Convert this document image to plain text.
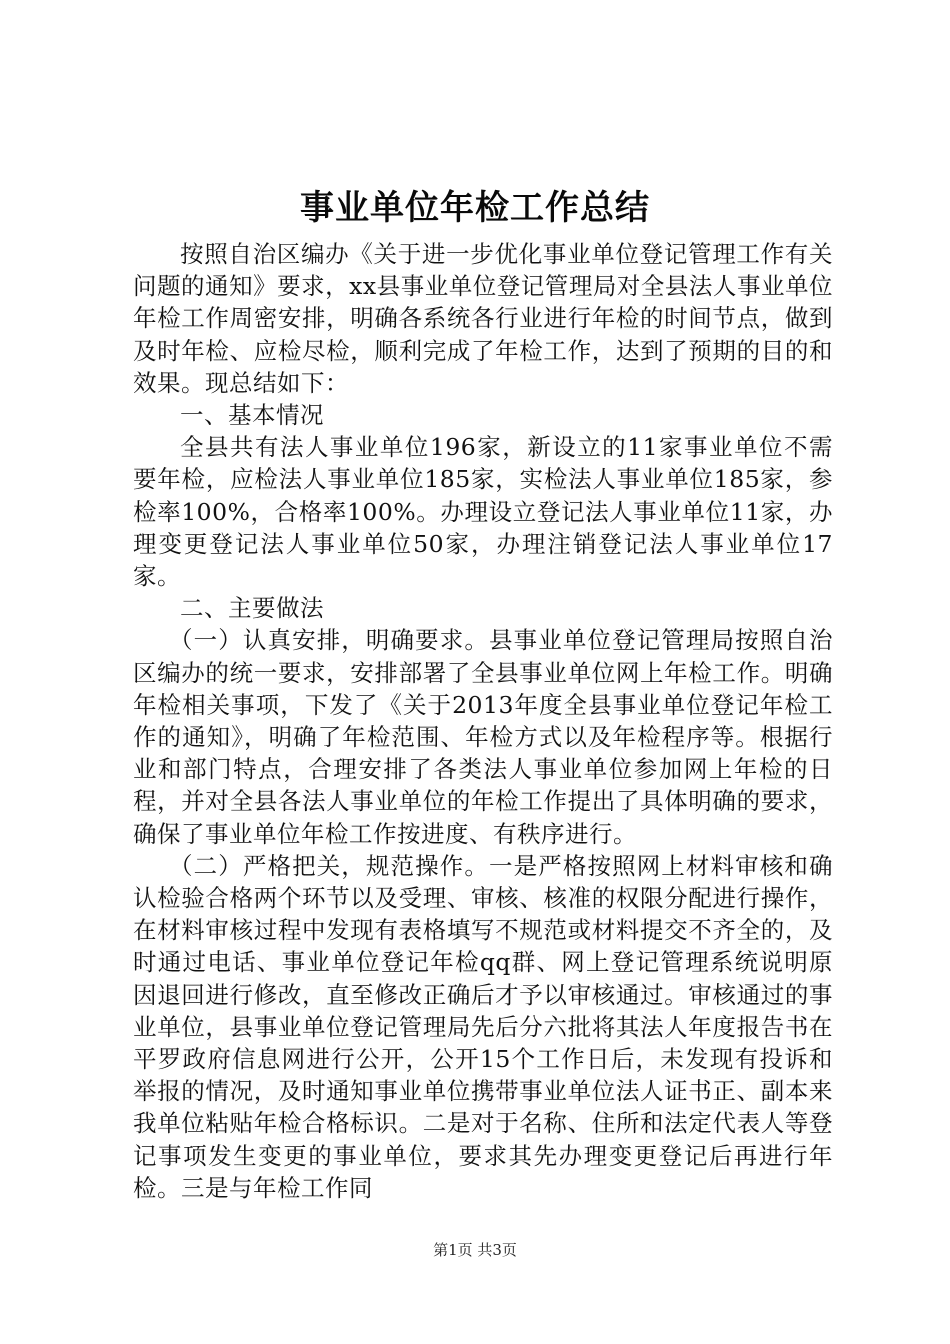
事业单位年检工作总结

按照自治区编办《关于进一步优化事业单位登记管理工作有关问题的通知》要求，xx县事业单位登记管理局对全县法人事业单位年检工作周密安排，明确各系统各行业进行年检的时间节点，做到及时年检、应检尽检，顺利完成了年检工作，达到了预期的目的和效果。现总结如下：

一、基本情况

全县共有法人事业单位196家，新设立的11家事业单位不需要年检，应检法人事业单位185家，实检法人事业单位185家，参检率100%，合格率100%。办理设立登记法人事业单位11家，办理变更登记法人事业单位50家，办理注销登记法人事业单位17家。

二、主要做法

（一）认真安排，明确要求。县事业单位登记管理局按照自治区编办的统一要求，安排部署了全县事业单位网上年检工作。明确年检相关事项，下发了《关于2013年度全县事业单位登记年检工作的通知》，明确了年检范围、年检方式以及年检程序等。根据行业和部门特点，合理安排了各类法人事业单位参加网上年检的日程，并对全县各法人事业单位的年检工作提出了具体明确的要求，确保了事业单位年检工作按进度、有秩序进行。

（二）严格把关，规范操作。一是严格按照网上材料审核和确认检验合格两个环节以及受理、审核、核准的权限分配进行操作，在材料审核过程中发现有表格填写不规范或材料提交不齐全的，及时通过电话、事业单位登记年检qq群、网上登记管理系统说明原因退回进行修改，直至修改正确后才予以审核通过。审核通过的事业单位，县事业单位登记管理局先后分六批将其法人年度报告书在平罗政府信息网进行公开，公开15个工作日后，未发现有投诉和举报的情况，及时通知事业单位携带事业单位法人证书正、副本来我单位粘贴年检合格标识。二是对于名称、住所和法定代表人等登记事项发生变更的事业单位，要求其先办理变更登记后再进行年检。三是与年检工作同

第1页 共3页
